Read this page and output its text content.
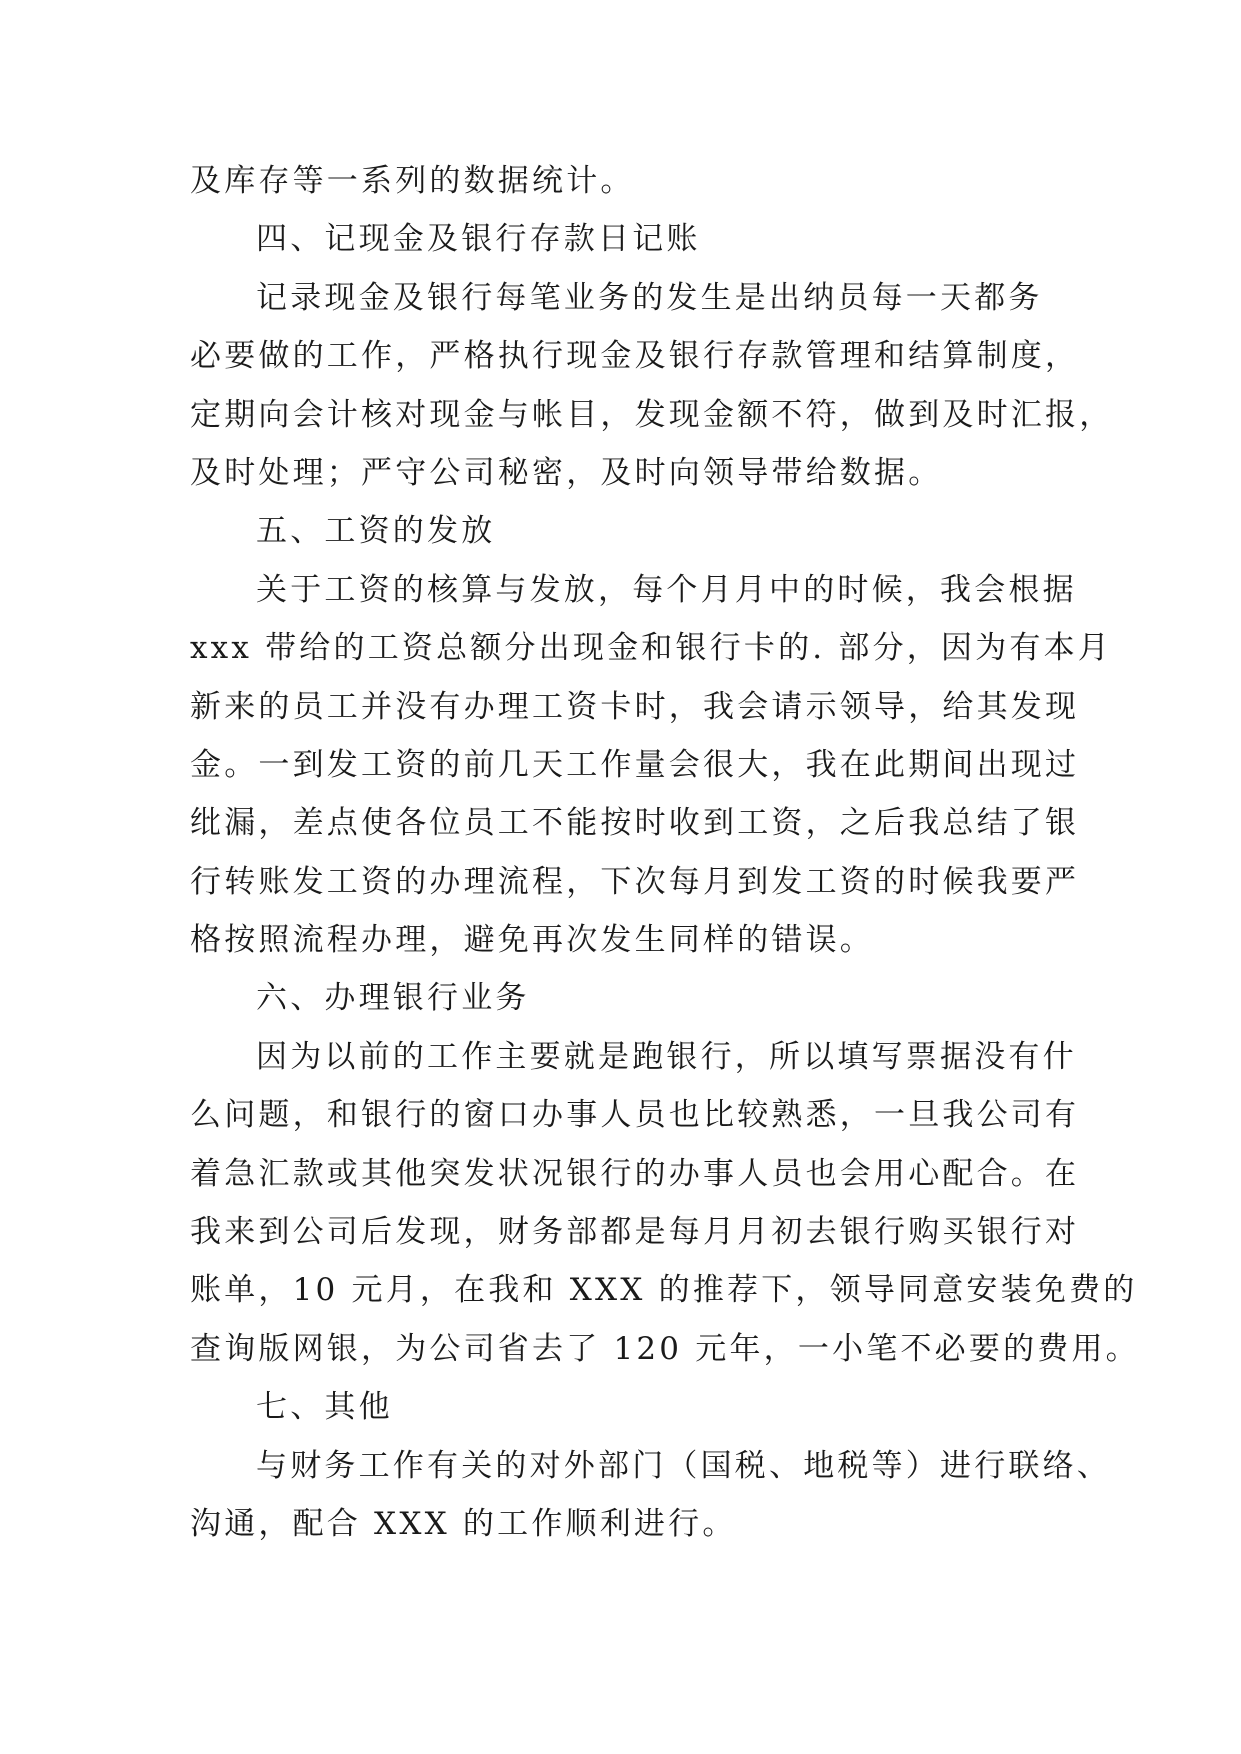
及库存等一系列的数据统计。
四、记现金及银行存款日记账
记录现金及银行每笔业务的发生是出纳员每一天都务
必要做的工作，严格执行现金及银行存款管理和结算制度，
定期向会计核对现金与帐目，发现金额不符，做到及时汇报，
及时处理；严守公司秘密，及时向领导带给数据。
五、工资的发放
关于工资的核算与发放，每个月月中的时候，我会根据
xxx 带给的工资总额分出现金和银行卡的. 部分，因为有本月
新来的员工并没有办理工资卡时，我会请示领导，给其发现
金。一到发工资的前几天工作量会很大，我在此期间出现过
纰漏，差点使各位员工不能按时收到工资，之后我总结了银
行转账发工资的办理流程，下次每月到发工资的时候我要严
格按照流程办理，避免再次发生同样的错误。
六、办理银行业务
因为以前的工作主要就是跑银行，所以填写票据没有什
么问题，和银行的窗口办事人员也比较熟悉，一旦我公司有
着急汇款或其他突发状况银行的办事人员也会用心配合。在
我来到公司后发现，财务部都是每月月初去银行购买银行对
账单，10 元月，在我和 XXX 的推荐下，领导同意安装免费的
查询版网银，为公司省去了 120 元年，一小笔不必要的费用。
七、其他
与财务工作有关的对外部门（国税、地税等）进行联络、
沟通，配合 XXX 的工作顺利进行。
